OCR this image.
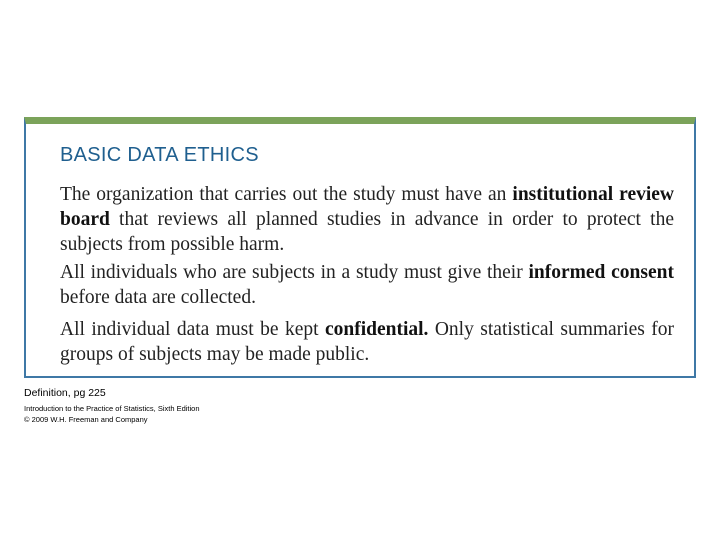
BASIC DATA ETHICS
The organization that carries out the study must have an institutional review board that reviews all planned studies in advance in order to protect the subjects from possible harm.
All individuals who are subjects in a study must give their informed consent before data are collected.
All individual data must be kept confidential. Only statistical summaries for groups of subjects may be made public.
Definition, pg 225
Introduction to the Practice of Statistics, Sixth Edition
© 2009 W.H. Freeman and Company
